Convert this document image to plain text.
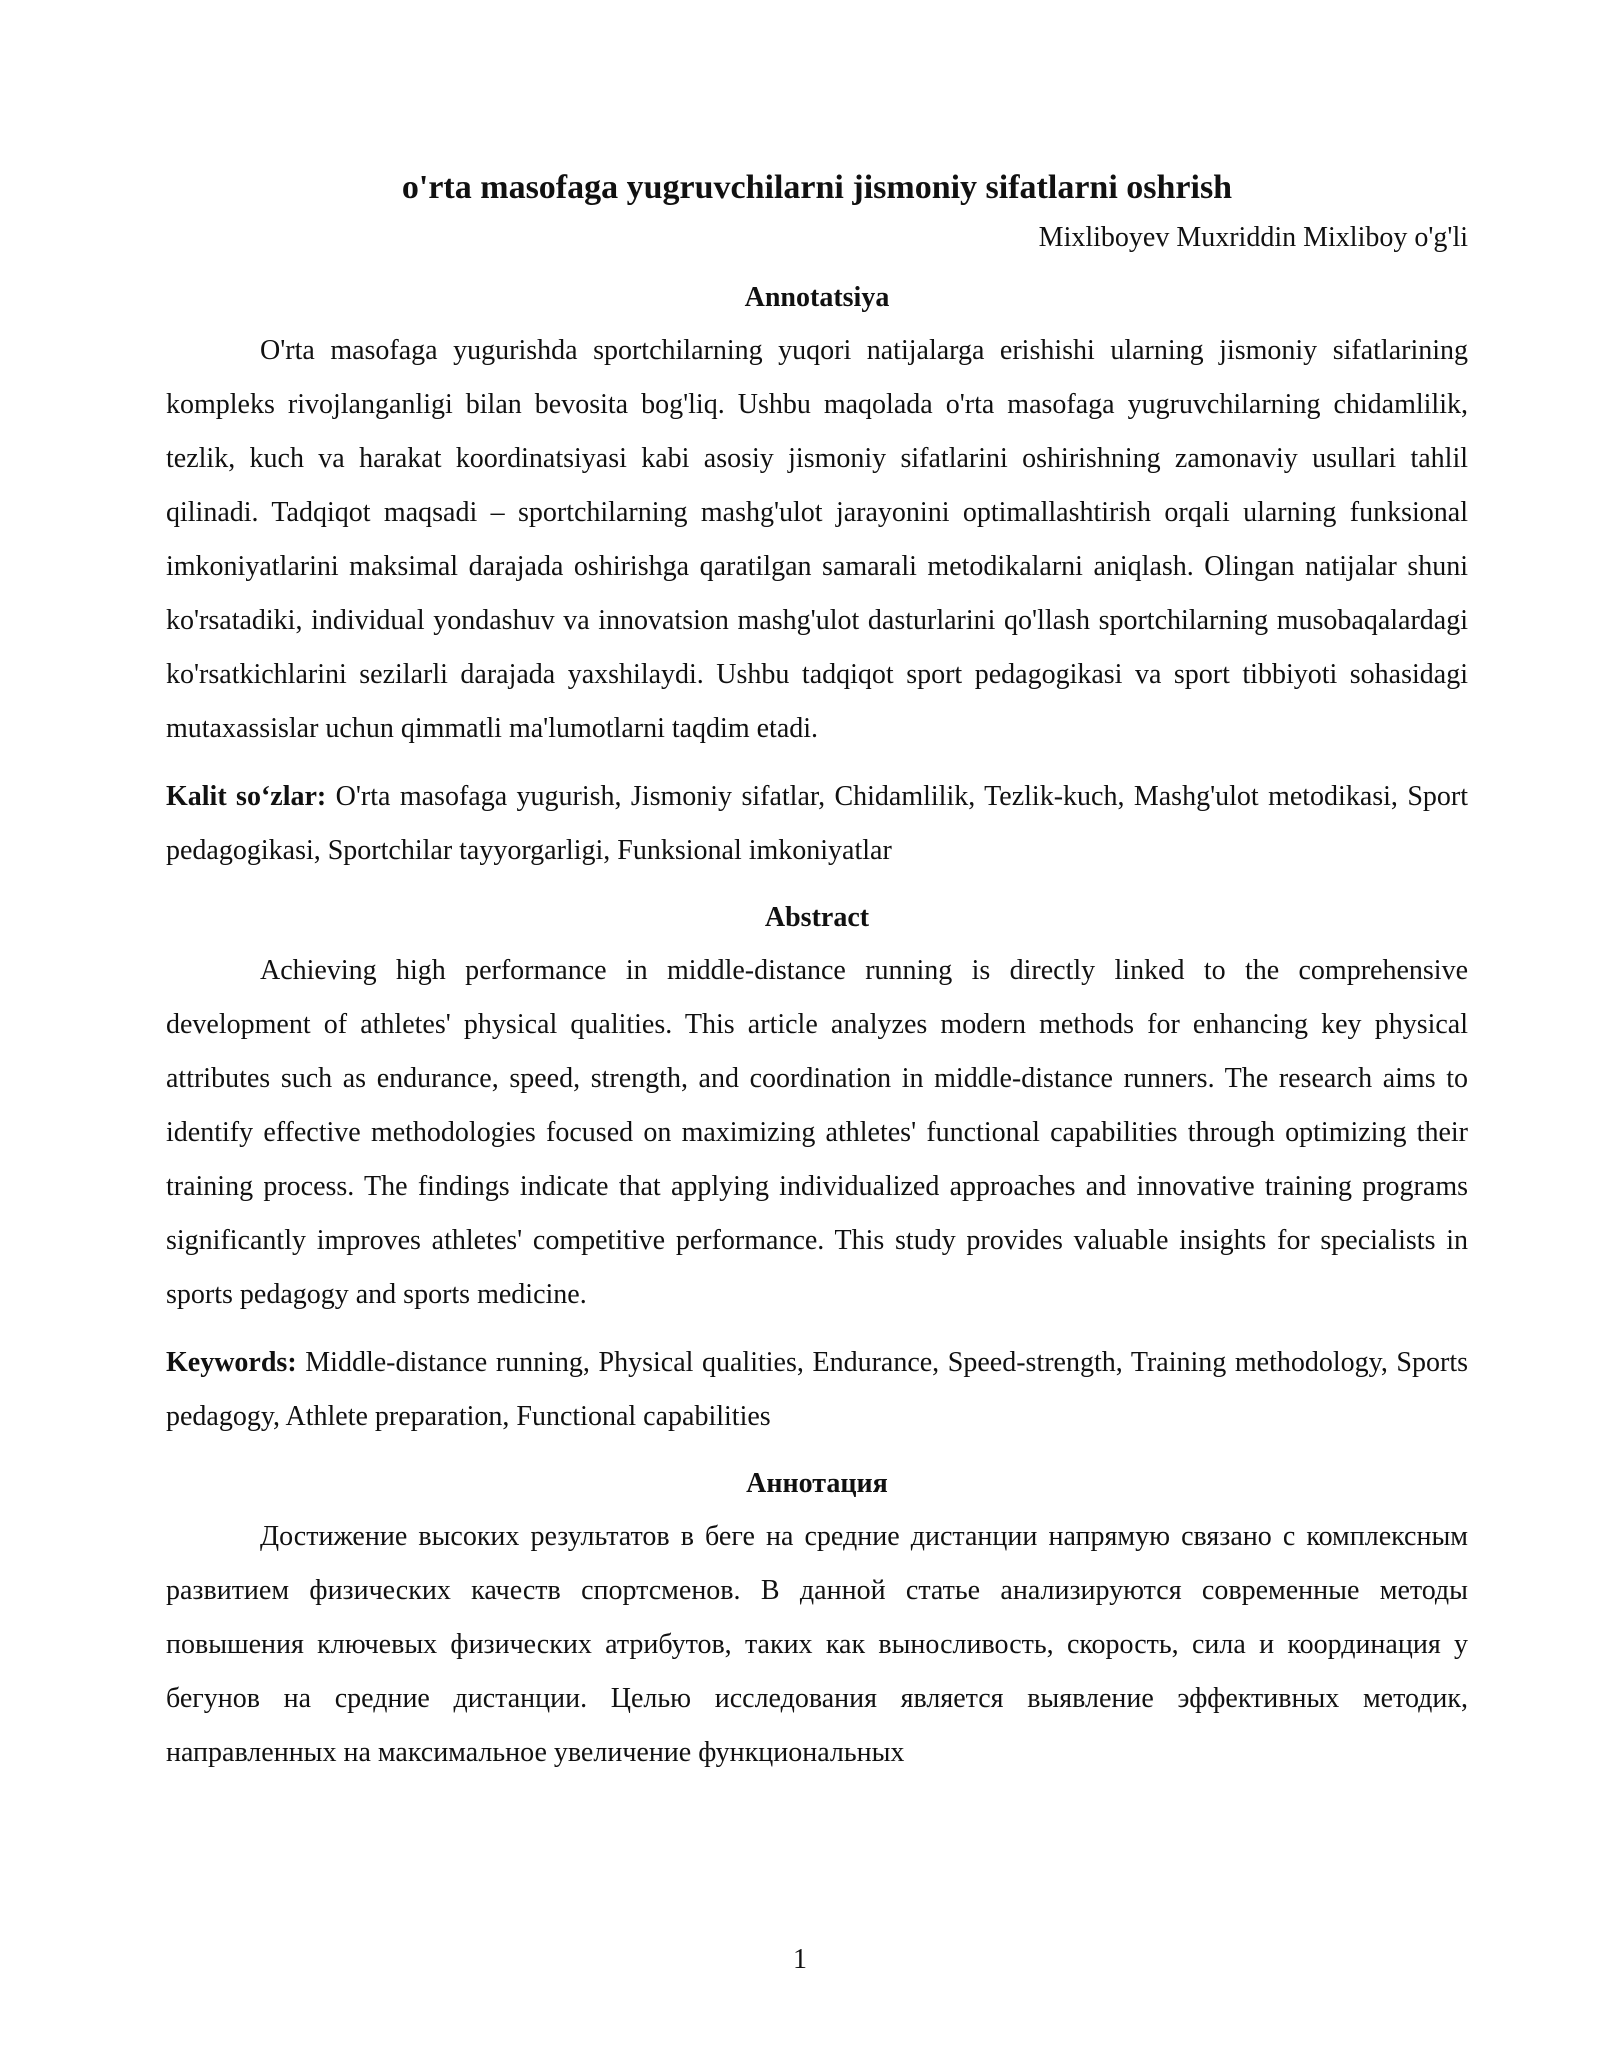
o'rta masofaga yugruvchilarni jismoniy sifatlarni oshrish
Mixliboyev Muxriddin Mixliboy o'g'li
Annotatsiya

O'rta masofaga yugurishda sportchilarning yuqori natijalarga erishishi ularning jismoniy sifatlarining kompleks rivojlanganligi bilan bevosita bog'liq. Ushbu maqolada o'rta masofaga yugruvchilarning chidamlilik, tezlik, kuch va harakat koordinatsiyasi kabi asosiy jismoniy sifatlarini oshirishning zamonaviy usullari tahlil qilinadi. Tadqiqot maqsadi – sportchilarning mashg'ulot jarayonini optimallashtirish orqali ularning funksional imkoniyatlarini maksimal darajada oshirishga qaratilgan samarali metodikalarni aniqlash. Olingan natijalar shuni ko'rsatadiki, individual yondashuv va innovatsion mashg'ulot dasturlarini qo'llash sportchilarning musobaqalardagi ko'rsatkichlarini sezilarli darajada yaxshilaydi. Ushbu tadqiqot sport pedagogikasi va sport tibbiyoti sohasidagi mutaxassislar uchun qimmatli ma'lumotlarni taqdim etadi.

Kalit so‘zlar: O'rta masofaga yugurish, Jismoniy sifatlar, Chidamlilik, Tezlik-kuch, Mashg'ulot metodikasi, Sport pedagogikasi, Sportchilar tayyorgarligi, Funksional imkoniyatlar

Abstract

Achieving high performance in middle-distance running is directly linked to the comprehensive development of athletes' physical qualities. This article analyzes modern methods for enhancing key physical attributes such as endurance, speed, strength, and coordination in middle-distance runners. The research aims to identify effective methodologies focused on maximizing athletes' functional capabilities through optimizing their training process. The findings indicate that applying individualized approaches and innovative training programs significantly improves athletes' competitive performance. This study provides valuable insights for specialists in sports pedagogy and sports medicine.

Keywords: Middle-distance running, Physical qualities, Endurance, Speed-strength, Training methodology, Sports pedagogy, Athlete preparation, Functional capabilities

Аннотация

Достижение высоких результатов в беге на средние дистанции напрямую связано с комплексным развитием физических качеств спортсменов. В данной статье анализируются современные методы повышения ключевых физических атрибутов, таких как выносливость, скорость, сила и координация у бегунов на средние дистанции. Целью исследования является выявление эффективных методик, направленных на максимальное увеличение функциональных

1
